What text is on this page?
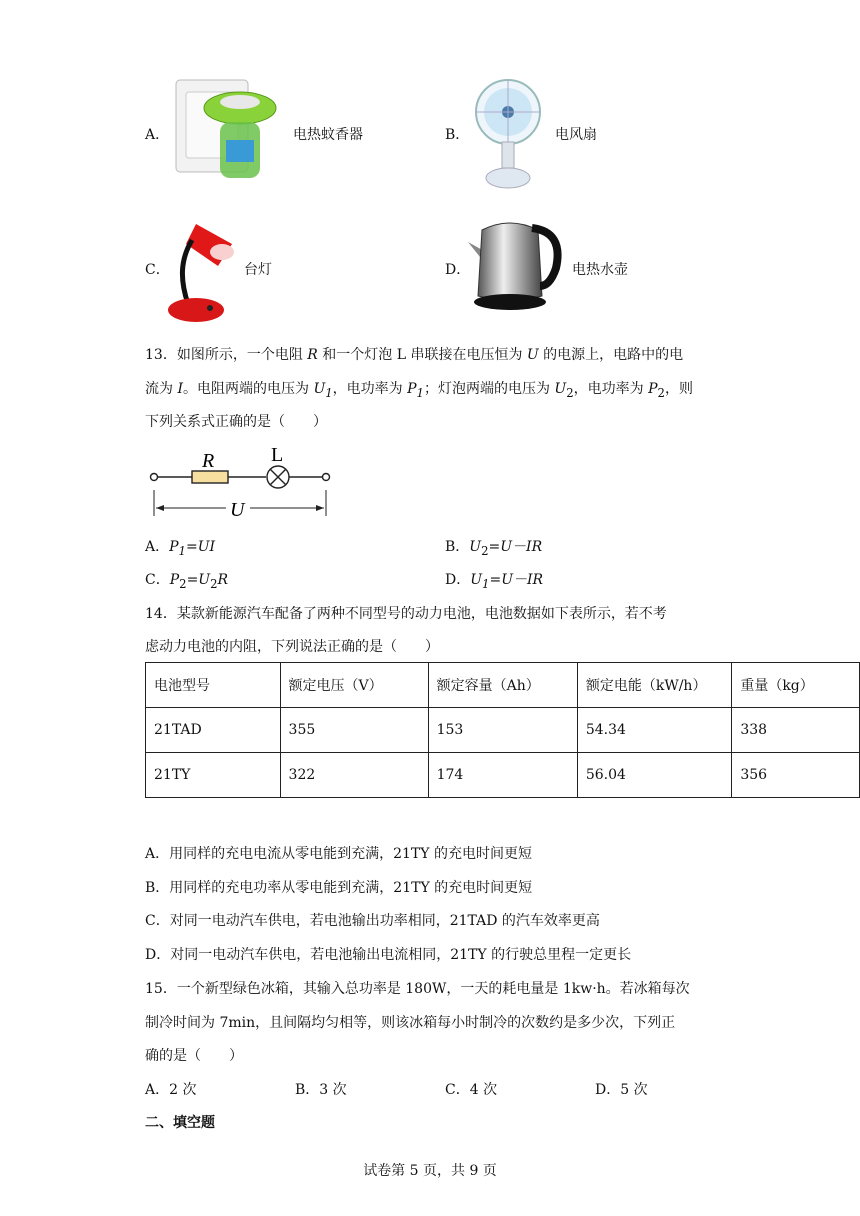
A．	电热蚊香器	B．	电风扇
C．	台灯	D．	电热水壶
13．如图所示，一个电阻 R 和一个灯泡 L 串联接在电压恒为 U 的电源上，电路中的电
流为 I。电阻两端的电压为 $U_1$，电功率为 $P_1$；灯泡两端的电压为 $U_2$，电功率为 $P_2$，则
下列关系式正确的是（　　）
R	L
U
A．$P_1=UI$	B．$U_2=U-IR$
C．$P_2=U_2R$	D．$U_1=U-IR$
14．某款新能源汽车配备了两种不同型号的动力电池，电池数据如下表所示，若不考
虑动力电池的内阻，下列说法正确的是（　　）
电池型号	额定电压（V）	额定容量（Ah）	额定电能（kW/h）	重量（kg）
21TAD	355	153	54.34	338
21TY	322	174	56.04	356
A．用同样的充电电流从零电能到充满，21TY 的充电时间更短
B．用同样的充电功率从零电能到充满，21TY 的充电时间更短
C．对同一电动汽车供电，若电池输出功率相同，21TAD 的汽车效率更高
D．对同一电动汽车供电，若电池输出电流相同，21TY 的行驶总里程一定更长
15．一个新型绿色冰箱，其输入总功率是 180W，一天的耗电量是 1kw·h。若冰箱每次
制冷时间为 7min，且间隔均匀相等，则该冰箱每小时制冷的次数约是多少次，下列正
确的是（　　）
A．2 次	B．3 次	C．4 次	D．5 次
二、填空题
试卷第 5 页，共 9 页
